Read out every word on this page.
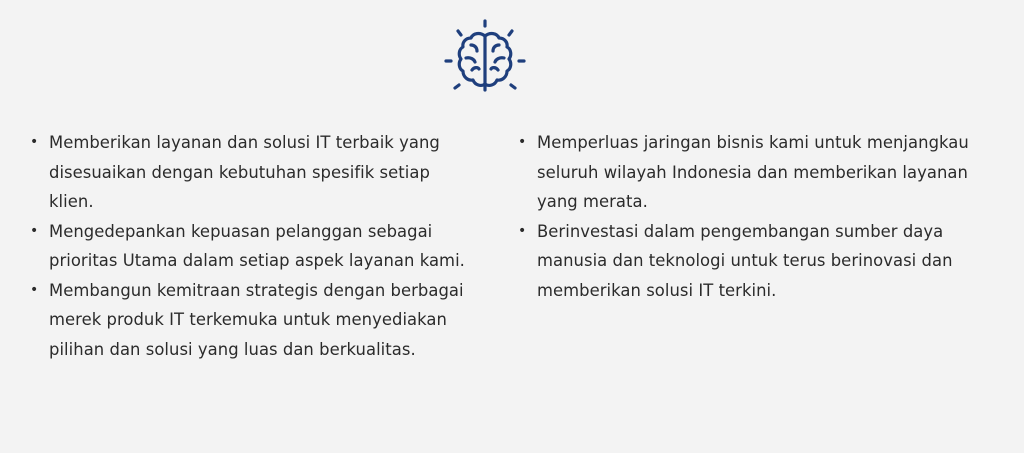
• Memberikan layanan dan solusi IT terbaik yang disesuaikan dengan kebutuhan spesifik setiap klien.
• Mengedepankan kepuasan pelanggan sebagai prioritas Utama dalam setiap aspek layanan kami.
• Membangun kemitraan strategis dengan berbagai merek produk IT terkemuka untuk menyediakan pilihan dan solusi yang luas dan berkualitas.
• Memperluas jaringan bisnis kami untuk menjangkau seluruh wilayah Indonesia dan memberikan layanan yang merata.
• Berinvestasi dalam pengembangan sumber daya manusia dan teknologi untuk terus berinovasi dan memberikan solusi IT terkini.
